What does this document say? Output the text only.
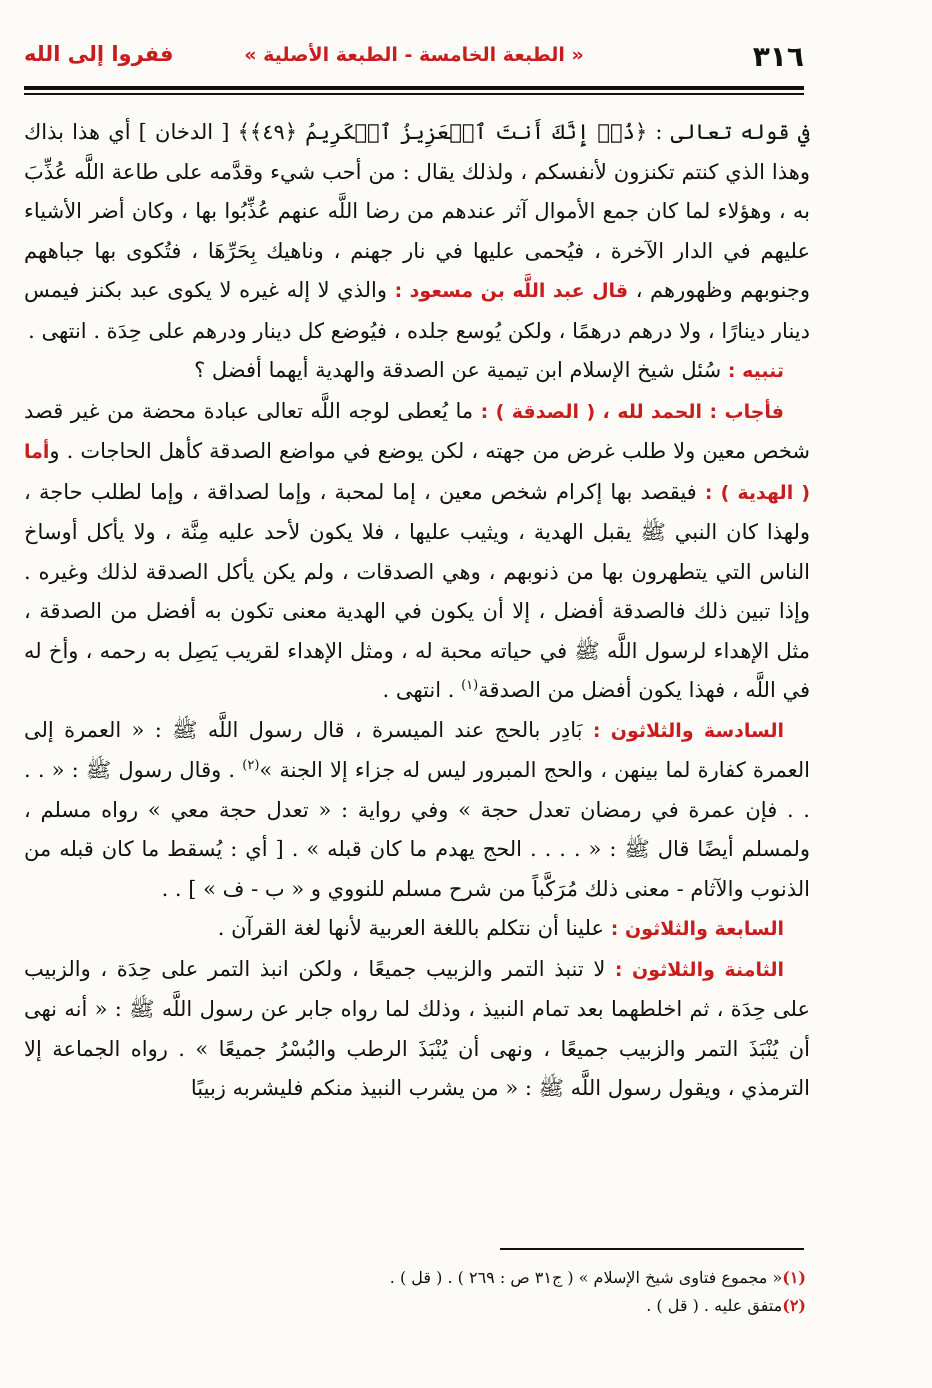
٣١٦
« الطبعة الخامسة - الطبعة الأصلية »
ففروا إلى الله

في قوله تعالى : ﴿ذُقۡ إِنَّكَ أَنتَ ٱلۡعَزِيزُ ٱلۡكَرِيمُ ﴿٤٩﴾﴾ [ الدخان ] أي هذا بذاك وهذا الذي كنتم تكنزون لأنفسكم ، ولذلك يقال : من أحب شيء وقدَّمه على طاعة اللَّه عُذِّبَ به ، وهؤلاء لما كان جمع الأموال آثر عندهم من رضا اللَّه عنهم عُذِّبُوا بها ، وكان أضر الأشياء عليهم في الدار الآخرة ، فيُحمى عليها في نار جهنم ، وناهيك بِحَرِّهَا ، فتُكوى بها جباههم وجنوبهم وظهورهم ، قال عبد اللَّه بن مسعود : والذي لا إله غيره لا يكوى عبد بكنز فيمس دينار دينارًا ، ولا درهم درهمًا ، ولكن يُوسع جلده ، فيُوضع كل دينار ودرهم على حِدَة . انتهى .

تنبيه : سُئل شيخ الإسلام ابن تيمية عن الصدقة والهدية أيهما أفضل ؟

فأجاب : الحمد لله ، ( الصدقة ) : ما يُعطى لوجه اللَّه تعالى عبادة محضة من غير قصد شخص معين ولا طلب غرض من جهته ، لكن يوضع في مواضع الصدقة كأهل الحاجات . وأما ( الهدية ) : فيقصد بها إكرام شخص معين ، إما لمحبة ، وإما لصداقة ، وإما لطلب حاجة ، ولهذا كان النبي ﷺ يقبل الهدية ، ويثيب عليها ، فلا يكون لأحد عليه مِنَّة ، ولا يأكل أوساخ الناس التي يتطهرون بها من ذنوبهم ، وهي الصدقات ، ولم يكن يأكل الصدقة لذلك وغيره . وإذا تبين ذلك فالصدقة أفضل ، إلا أن يكون في الهدية معنى تكون به أفضل من الصدقة ، مثل الإهداء لرسول اللَّه ﷺ في حياته محبة له ، ومثل الإهداء لقريب يَصِل به رحمه ، وأخ له في اللَّه ، فهذا يكون أفضل من الصدقة$^{(١)}$ . انتهى .

السادسة والثلاثون : بَادِر بالحج عند الميسرة ، قال رسول اللَّه ﷺ : « العمرة إلى العمرة كفارة لما بينهن ، والحج المبرور ليس له جزاء إلا الجنة »$^{(٢)}$ . وقال رسول ﷺ : « . . . . فإن عمرة في رمضان تعدل حجة » وفي رواية : « تعدل حجة معي » رواه مسلم ، ولمسلم أيضًا قال ﷺ : « . . . . الحج يهدم ما كان قبله » . [ أي : يُسقط ما كان قبله من الذنوب والآثام - معنى ذلك مُرَكَّباً من شرح مسلم للنووي و « ب - ف » ] . .

السابعة والثلاثون : علينا أن نتكلم باللغة العربية لأنها لغة القرآن .

الثامنة والثلاثون : لا تنبذ التمر والزبيب جميعًا ، ولكن انبذ التمر على حِدَة ، والزبيب على حِدَة ، ثم اخلطهما بعد تمام النبيذ ، وذلك لما رواه جابر عن رسول اللَّه ﷺ : « أنه نهى أن يُنْبَذَ التمر والزبيب جميعًا ، ونهى أن يُنْبَذَ الرطب والبُسْرُ جميعًا » . رواه الجماعة إلا الترمذي ، ويقول رسول اللَّه ﷺ : « من يشرب النبيذ منكم فليشربه زبيبًا

(١)« مجموع فتاوى شيخ الإسلام » ( ج٣١ ص : ٢٦٩ ) . ( قل ) .
(٢)متفق عليه . ( قل ) .
